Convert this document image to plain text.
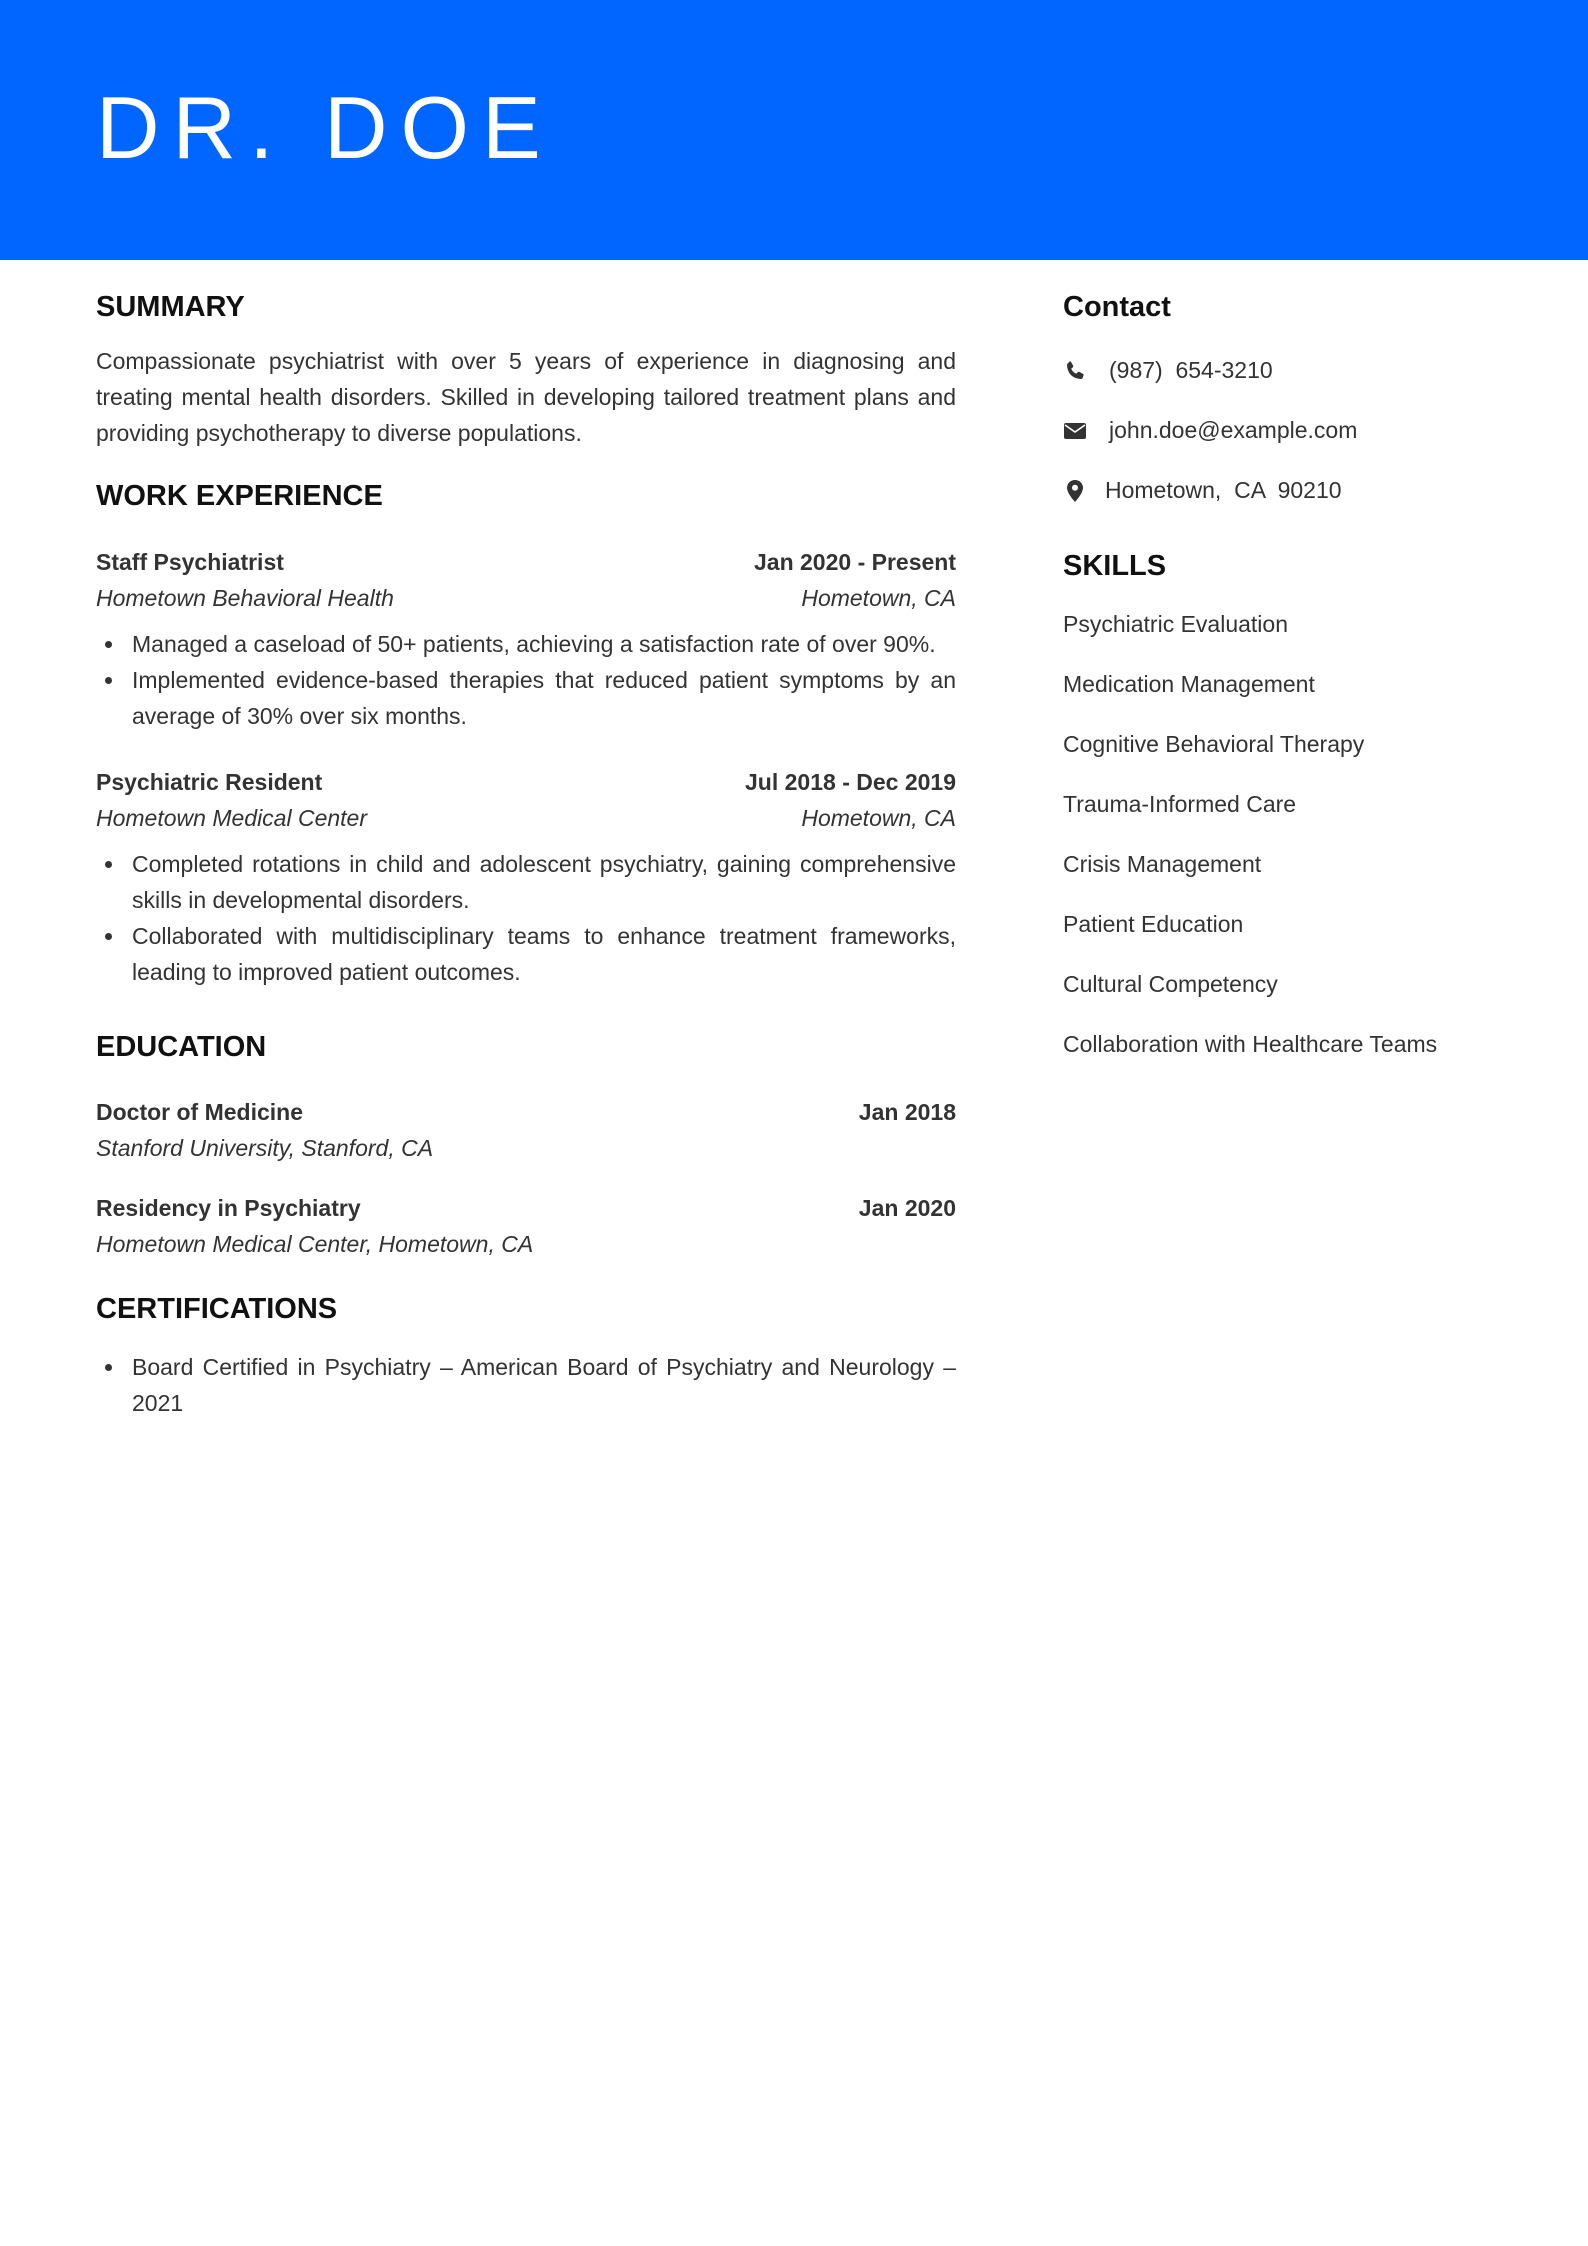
DR. DOE
SUMMARY

Compassionate psychiatrist with over 5 years of experience in diagnosing and treating mental health disorders. Skilled in developing tailored treatment plans and providing psychotherapy to diverse populations.

WORK EXPERIENCE
Staff Psychiatrist	Jan 2020 - Present
Hometown Behavioral Health	Hometown, CA
Managed a caseload of 50+ patients, achieving a satisfaction rate of over 90%.
Implemented evidence-based therapies that reduced patient symptoms by an average of 30% over six months.
Psychiatric Resident	Jul 2018 - Dec 2019
Hometown Medical Center	Hometown, CA
Completed rotations in child and adolescent psychiatry, gaining comprehensive skills in developmental disorders.
Collaborated with multidisciplinary teams to enhance treatment frameworks, leading to improved patient outcomes.
EDUCATION
Doctor of Medicine	Jan 2018
Stanford University, Stanford, CA
Residency in Psychiatry	Jan 2020
Hometown Medical Center, Hometown, CA
CERTIFICATIONS
Board Certified in Psychiatry – American Board of Psychiatry and Neurology – 2021
Contact
(987)  654-3210
john.doe@example.com
Hometown,  CA  90210
SKILLS
Psychiatric Evaluation
Medication Management
Cognitive Behavioral Therapy
Trauma-Informed Care
Crisis Management
Patient Education
Cultural Competency
Collaboration with Healthcare Teams
